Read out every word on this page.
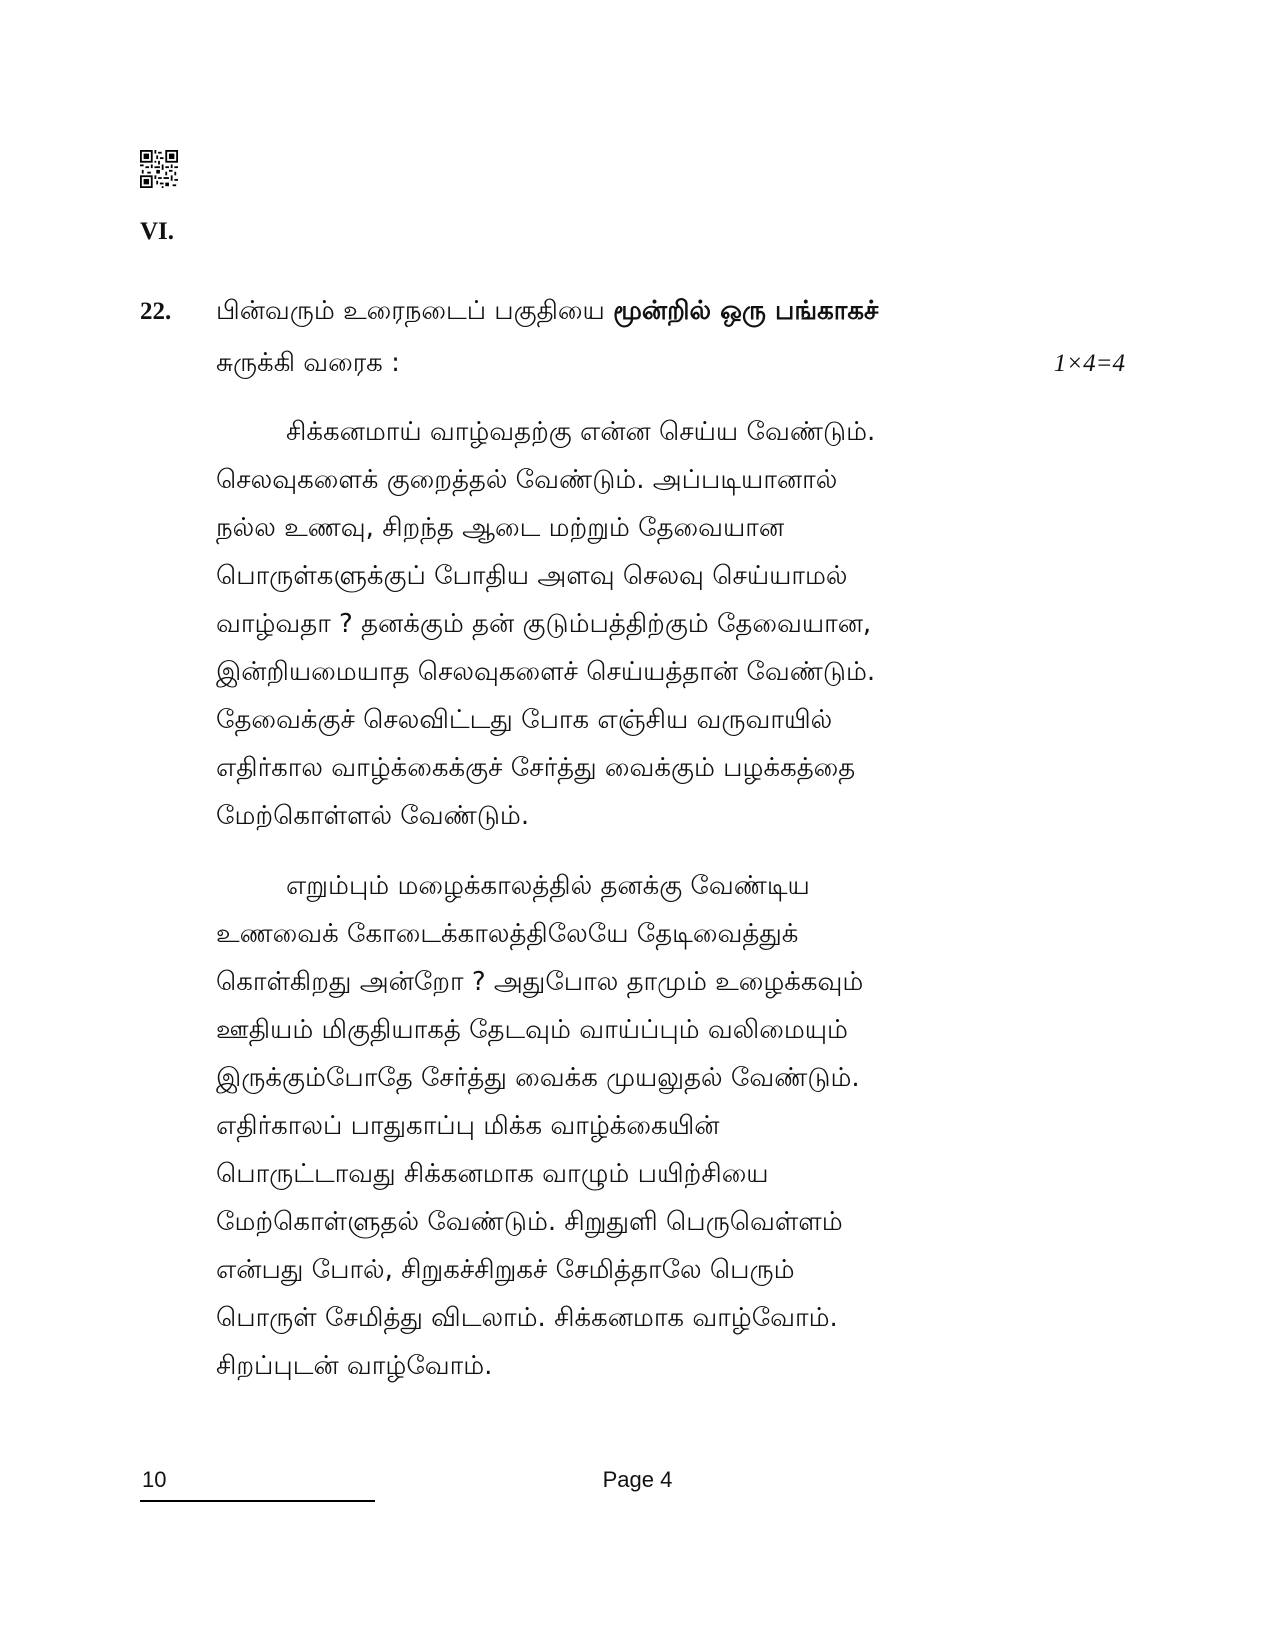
VI.
22. பின்வரும் உரைநடைப் பகுதியை மூன்றில் ஒரு பங்காகச்
சுருக்கி வரைக :	1×4=4
சிக்கனமாய் வாழ்வதற்கு என்ன செய்ய வேண்டும்.
செலவுகளைக் குறைத்தல் வேண்டும். அப்படியானால்
நல்ல உணவு, சிறந்த ஆடை மற்றும் தேவையான
பொருள்களுக்குப் போதிய அளவு செலவு செய்யாமல்
வாழ்வதா ? தனக்கும் தன் குடும்பத்திற்கும் தேவையான,
இன்றியமையாத செலவுகளைச் செய்யத்தான் வேண்டும்.
தேவைக்குச் செலவிட்டது போக எஞ்சிய வருவாயில்
எதிர்கால வாழ்க்கைக்குச் சேர்த்து வைக்கும் பழக்கத்தை
மேற்கொள்ளல் வேண்டும்.
எறும்பும் மழைக்காலத்தில் தனக்கு வேண்டிய
உணவைக் கோடைக்காலத்திலேயே தேடிவைத்துக்
கொள்கிறது அன்றோ ? அதுபோல தாமும் உழைக்கவும்
ஊதியம் மிகுதியாகத் தேடவும் வாய்ப்பும் வலிமையும்
இருக்கும்போதே சேர்த்து வைக்க முயலுதல் வேண்டும்.
எதிர்காலப் பாதுகாப்பு மிக்க வாழ்க்கையின்
பொருட்டாவது சிக்கனமாக வாழும் பயிற்சியை
மேற்கொள்ளுதல் வேண்டும். சிறுதுளி பெருவெள்ளம்
என்பது போல், சிறுகச்சிறுகச் சேமித்தாலே பெரும்
பொருள் சேமித்து விடலாம். சிக்கனமாக வாழ்வோம்.
சிறப்புடன் வாழ்வோம்.
10	Page 4
